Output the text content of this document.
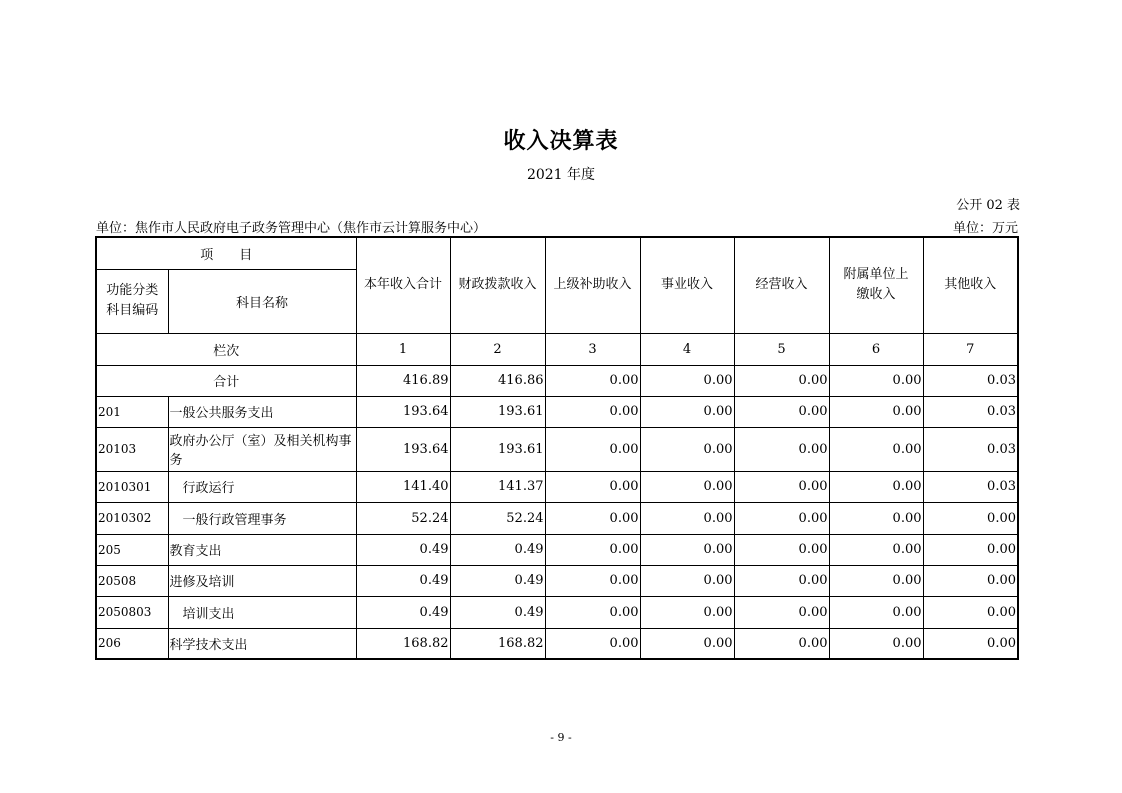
收入决算表
2021 年度
公开 02 表
单位：焦作市人民政府电子政务管理中心（焦作市云计算服务中心）	单位：万元
项　　目		本年收入合计	财政拨款收入	上级补助收入	事业收入	经营收入	附属单位上缴收入	其他收入
功能分类科目编码	科目名称							
栏次		1	2	3	4	5	6	7
合计		416.89	416.86	0.00	0.00	0.00	0.00	0.03
201	一般公共服务支出	193.64	193.61	0.00	0.00	0.00	0.00	0.03
20103	政府办公厅（室）及相关机构事务	193.64	193.61	0.00	0.00	0.00	0.00	0.03
2010301	行政运行	141.40	141.37	0.00	0.00	0.00	0.00	0.03
2010302	一般行政管理事务	52.24	52.24	0.00	0.00	0.00	0.00	0.00
205	教育支出	0.49	0.49	0.00	0.00	0.00	0.00	0.00
20508	进修及培训	0.49	0.49	0.00	0.00	0.00	0.00	0.00
2050803	培训支出	0.49	0.49	0.00	0.00	0.00	0.00	0.00
206	科学技术支出	168.82	168.82	0.00	0.00	0.00	0.00	0.00
- 9 -
